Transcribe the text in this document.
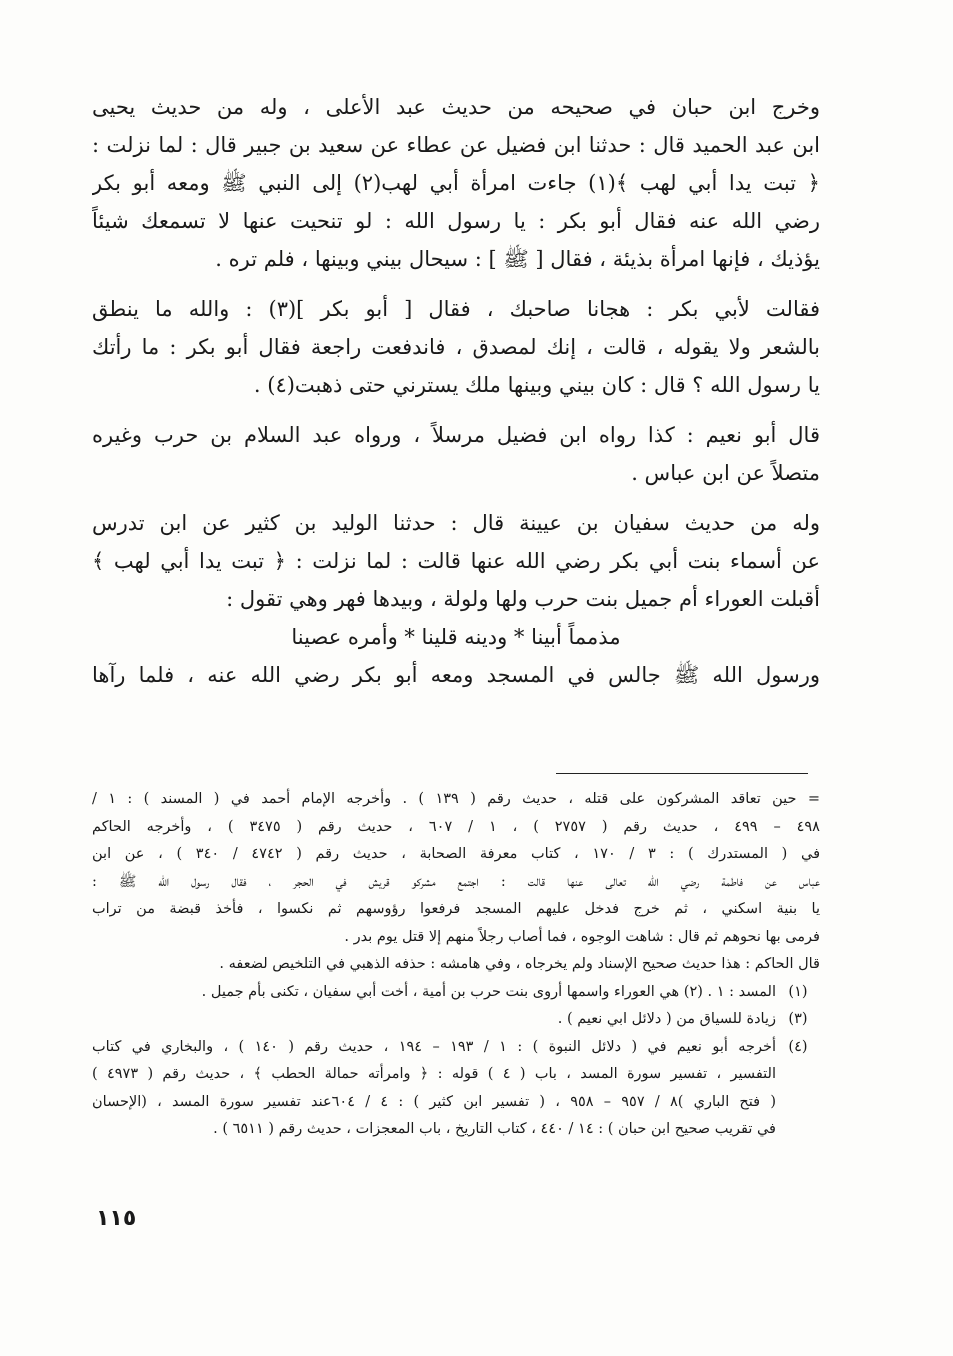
وخرج ابن حبان في صحيحه من حديث عبد الأعلى ، وله من حديث يحيى
ابن عبد الحميد قال : حدثنا ابن فضيل عن عطاء عن سعيد بن جبير قال : لما نزلت :
﴿ تبت يدا أبي لهب ﴾(١) جاءت امرأة أبي لهب(٢) إلى النبي ﷺ ومعه أبو بكر
رضي الله عنه فقال أبو بكر : يا رسول الله : لو تنحيت عنها لا تسمعك شيئاً
يؤذيك ، فإنها امرأة بذيئة ، فقال [ ﷺ ] : سيحال بيني وبينها ، فلم تره .
فقالت لأبي بكر : هجانا صاحبك ، فقال [ أبو بكر ](٣) : والله ما ينطق
بالشعر ولا يقوله ، قالت ، إنك لمصدق ، فاندفعت راجعة فقال أبو بكر : ما رأتك
يا رسول الله ؟ قال : كان بيني وبينها ملك يسترني حتى ذهبت(٤) .
قال أبو نعيم : كذا رواه ابن فضيل مرسلاً ، ورواه عبد السلام بن حرب وغيره
متصلاً عن ابن عباس .
وله من حديث سفيان بن عيينة قال : حدثنا الوليد بن كثير عن ابن تدرس
عن أسماء بنت أبي بكر رضي الله عنها قالت : لما نزلت : ﴿ تبت يدا أبي لهب ﴾
أقبلت العوراء أم جميل بنت حرب ولها ولولة ، وبيدها فهر وهي تقول :
مذمماً أبينا * ودينه قلينا * وأمره عصينا
ورسول الله ﷺ جالس في المسجد ومعه أبو بكر رضي الله عنه ، فلما رآها
= حين تعاقد المشركون على قتله ، حديث رقم ( ١٣٩ ) . وأخرجه الإمام أحمد في ( المسند ) : ١ /
٤٩٨ – ٤٩٩ ، حديث رقم ( ٢٧٥٧ ) ، ١ / ٦٠٧ ، حديث رقم ( ٣٤٧٥ ) ، وأخرجه الحاكم
في ( المستدرك ) : ٣ / ١٧٠ ، كتاب معرفة الصحابة ، حديث رقم ( ٤٧٤٢ / ٣٤٠ ) ، عن ابن
عباس عن فاطمة رضي الله تعالى عنها قالت : اجتمع مشركو قريش في الحجر ، فقال رسول الله ﷺ :
يا بنية اسكني ، ثم خرج فدخل عليهم المسجد فرفعوا رؤوسهم ثم نكسوا ، فأخذ قبضة من تراب
فرمى بها نحوهم ثم قال : شاهت الوجوه ، فما أصاب رجلاً منهم إلا قتل يوم بدر .
قال الحاكم : هذا حديث صحيح الإسناد ولم يخرجاه ، وفي هامشه : حذفه الذهبي في التلخيص لضعفه .
(١)
المسد : ١ . (٢) هي العوراء واسمها أروى بنت حرب بن أمية ، أخت أبي سفيان ، تكنى بأم جميل .
(٣)
زيادة للسياق من ( دلائل ابي نعيم ) .
(٤)
أخرجه أبو نعيم في ( دلائل النبوة ) : ١ / ١٩٣ – ١٩٤ ، حديث رقم ( ١٤٠ ) ، والبخاري في كتاب
التفسير ، تفسير سورة المسد ، باب ( ٤ ) قوله : ﴿ وامرأته حمالة الحطب ﴾ ، حديث رقم ( ٤٩٧٣ )
( فتح الباري )٨ / ٩٥٧ – ٩٥٨ ، ( تفسير ابن كثير ) : ٤ / ٦٠٤عند تفسير سورة المسد ، (الإحسان
في تقريب صحيح ابن حبان ) : ١٤ / ٤٤٠ ، كتاب التاريخ ، باب المعجزات ، حديث رقم ( ٦٥١١ ) .
١١٥
